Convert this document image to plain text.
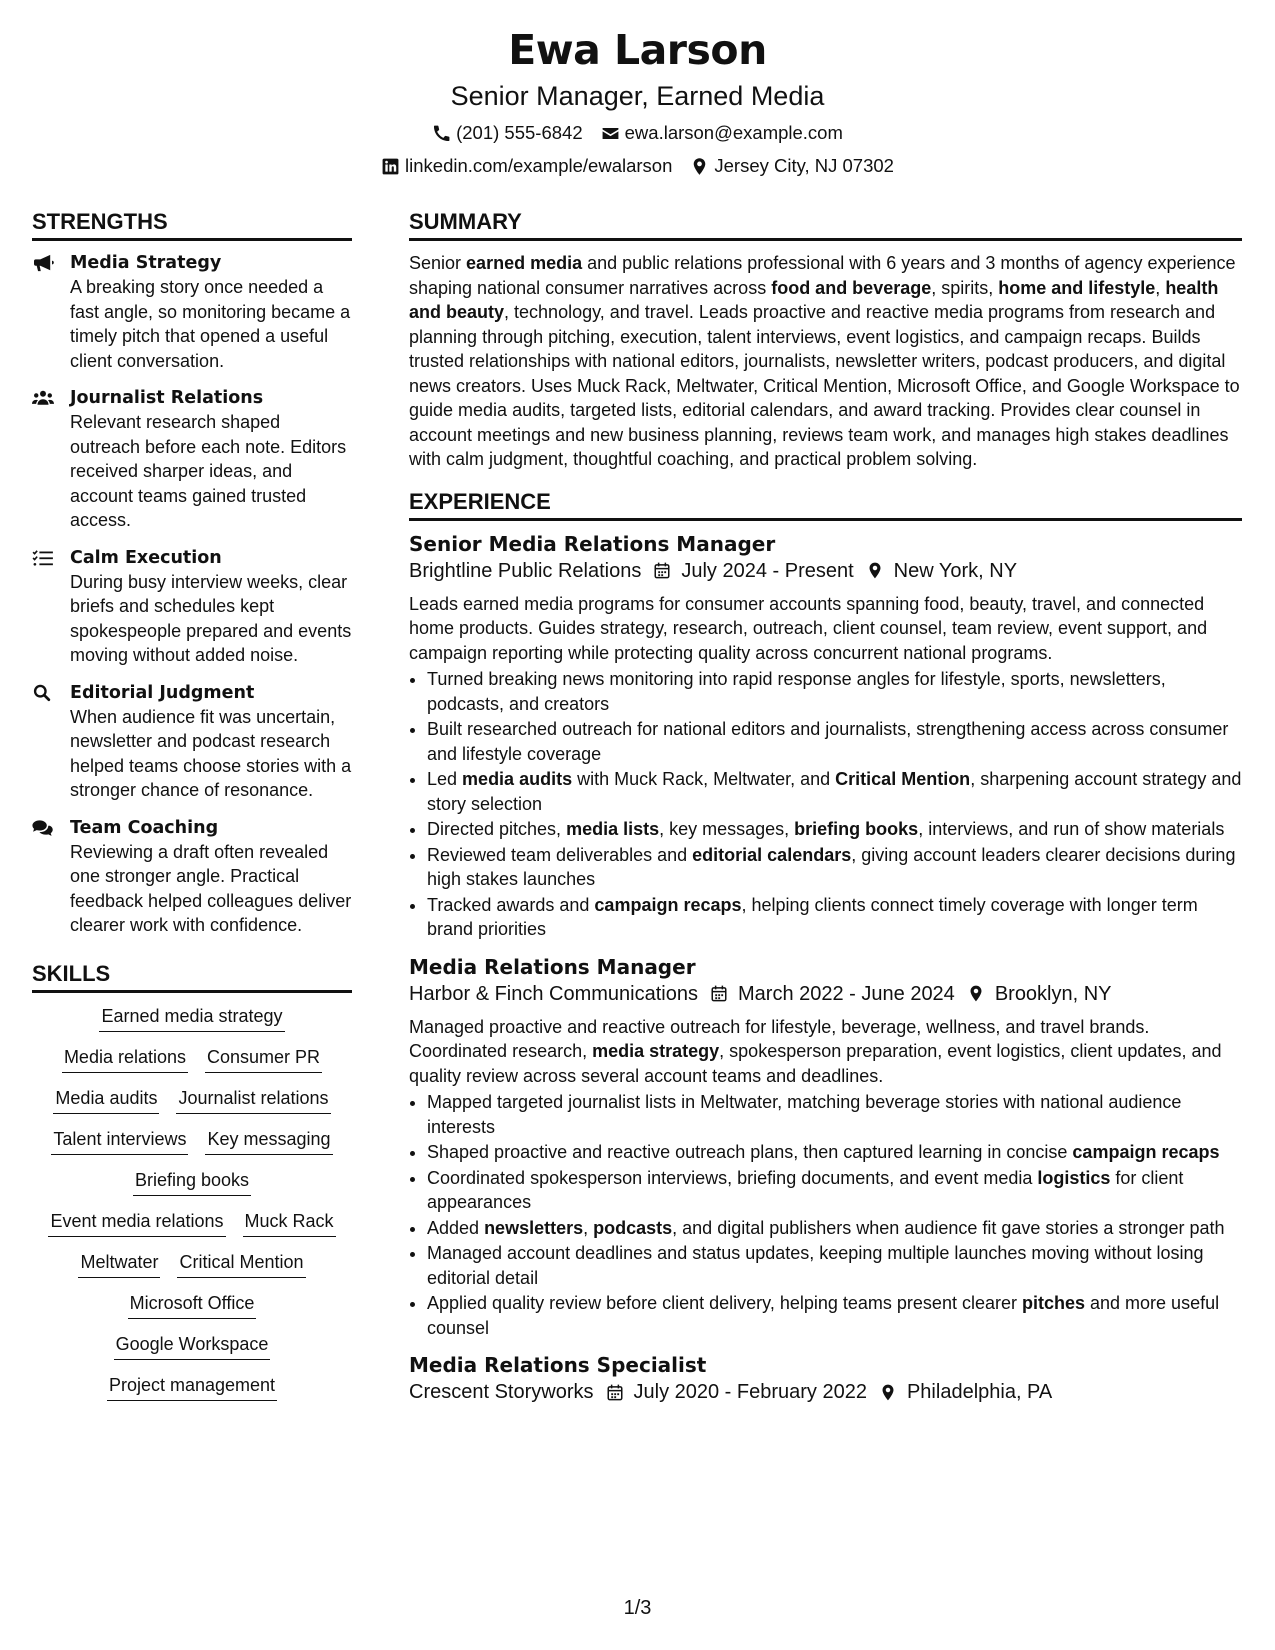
Ewa Larson
Senior Manager, Earned Media
(201) 555-6842 ewa.larson@example.com
linkedin.com/example/ewalarson Jersey City, NJ 07302
STRENGTHS
Media Strategy
A breaking story once needed a fast angle, so monitoring became a timely pitch that opened a useful client conversation.
Journalist Relations
Relevant research shaped outreach before each note. Editors received sharper ideas, and account teams gained trusted access.
Calm Execution
During busy interview weeks, clear briefs and schedules kept spokespeople prepared and events moving without added noise.
Editorial Judgment
When audience fit was uncertain, newsletter and podcast research helped teams choose stories with a stronger chance of resonance.
Team Coaching
Reviewing a draft often revealed one stronger angle. Practical feedback helped colleagues deliver clearer work with confidence.
SKILLS
Earned media strategy
Media relations Consumer PR
Media audits Journalist relations
Talent interviews Key messaging
Briefing books
Event media relations Muck Rack
Meltwater Critical Mention
Microsoft Office
Google Workspace
Project management
SUMMARY
Senior earned media and public relations professional with 6 years and 3 months of agency experience shaping national consumer narratives across food and beverage, spirits, home and lifestyle, health and beauty, technology, and travel. Leads proactive and reactive media programs from research and planning through pitching, execution, talent interviews, event logistics, and campaign recaps. Builds trusted relationships with national editors, journalists, newsletter writers, podcast producers, and digital news creators. Uses Muck Rack, Meltwater, Critical Mention, Microsoft Office, and Google Workspace to guide media audits, targeted lists, editorial calendars, and award tracking. Provides clear counsel in account meetings and new business planning, reviews team work, and manages high stakes deadlines with calm judgment, thoughtful coaching, and practical problem solving.
EXPERIENCE
Senior Media Relations Manager
Brightline Public Relations July 2024 - Present New York, NY
Leads earned media programs for consumer accounts spanning food, beauty, travel, and connected home products. Guides strategy, research, outreach, client counsel, team review, event support, and campaign reporting while protecting quality across concurrent national programs.
• Turned breaking news monitoring into rapid response angles for lifestyle, sports, newsletters, podcasts, and creators
• Built researched outreach for national editors and journalists, strengthening access across consumer and lifestyle coverage
• Led media audits with Muck Rack, Meltwater, and Critical Mention, sharpening account strategy and story selection
• Directed pitches, media lists, key messages, briefing books, interviews, and run of show materials
• Reviewed team deliverables and editorial calendars, giving account leaders clearer decisions during high stakes launches
• Tracked awards and campaign recaps, helping clients connect timely coverage with longer term brand priorities
Media Relations Manager
Harbor & Finch Communications March 2022 - June 2024 Brooklyn, NY
Managed proactive and reactive outreach for lifestyle, beverage, wellness, and travel brands. Coordinated research, media strategy, spokesperson preparation, event logistics, client updates, and quality review across several account teams and deadlines.
• Mapped targeted journalist lists in Meltwater, matching beverage stories with national audience interests
• Shaped proactive and reactive outreach plans, then captured learning in concise campaign recaps
• Coordinated spokesperson interviews, briefing documents, and event media logistics for client appearances
• Added newsletters, podcasts, and digital publishers when audience fit gave stories a stronger path
• Managed account deadlines and status updates, keeping multiple launches moving without losing editorial detail
• Applied quality review before client delivery, helping teams present clearer pitches and more useful counsel
Media Relations Specialist
Crescent Storyworks July 2020 - February 2022 Philadelphia, PA
1/3
